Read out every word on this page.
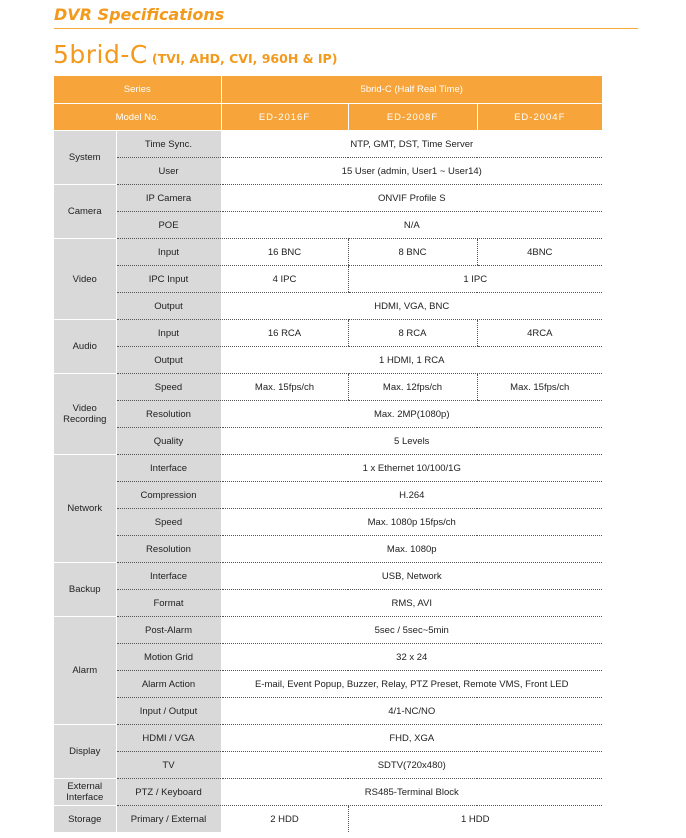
DVR Specifications
5brid-C (TVI, AHD, CVI, 960H & IP)
Series		5brid-C (Half Real Time)		
Model No.		ED-2016F	ED-2008F	ED-2004F
System	Time Sync.	NTP, GMT, DST, Time Server		
	User	15 User (admin, User1 ~ User14)		
Camera	IP Camera	ONVIF Profile S		
	POE	N/A		
Video	Input	16 BNC	8 BNC	4BNC
	IPC Input	4 IPC	1 IPC	
	Output	HDMI, VGA, BNC		
Audio	Input	16 RCA	8 RCA	4RCA
	Output	1 HDMI, 1 RCA		
Video Recording	Speed	Max. 15fps/ch	Max. 12fps/ch	Max. 15fps/ch
	Resolution	Max. 2MP(1080p)		
	Quality	5 Levels		
Network	Interface	1 x Ethernet 10/100/1G		
	Compression	H.264		
	Speed	Max. 1080p 15fps/ch		
	Resolution	Max. 1080p		
Backup	Interface	USB, Network		
	Format	RMS, AVI		
Alarm	Post-Alarm	5sec / 5sec~5min		
	Motion Grid	32 x 24		
	Alarm Action	E-mail, Event Popup, Buzzer, Relay, PTZ Preset, Remote VMS, Front LED		
	Input / Output	4/1-NC/NO		
Display	HDMI / VGA	FHD, XGA		
	TV	SDTV(720x480)		
External Interface	PTZ / Keyboard	RS485-Terminal Block		
Storage	Primary / External	2 HDD	1 HDD	
